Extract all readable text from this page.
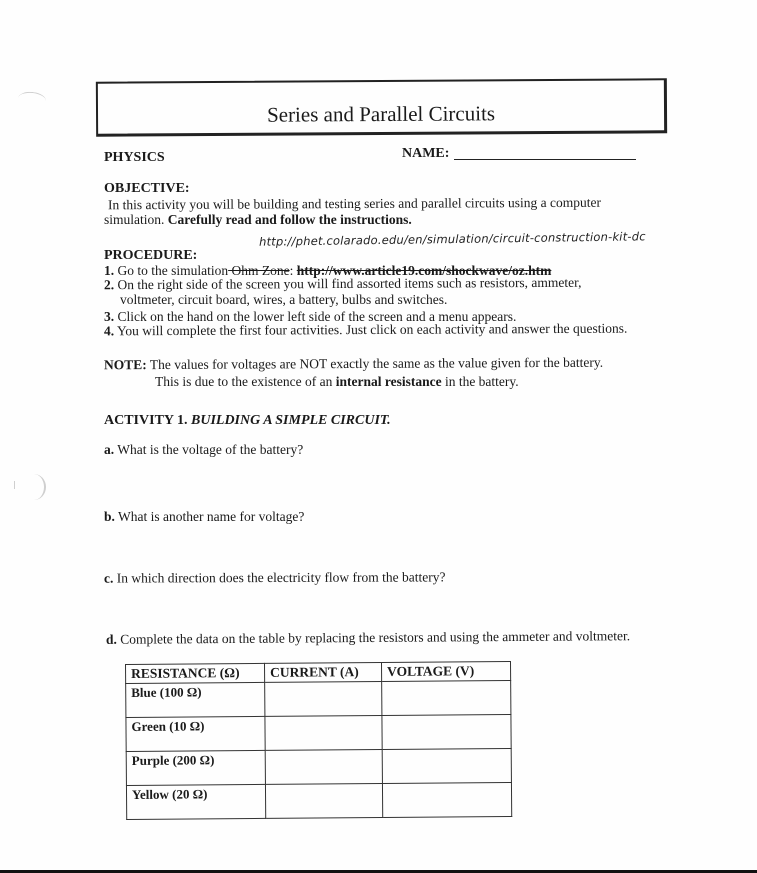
Series and Parallel Circuits
PHYSICS	NAME:
OBJECTIVE:
In this activity you will be building and testing series and parallel circuits using a computer
simulation. Carefully read and follow the instructions.
PROCEDURE:
http://phet.colarado.edu/en/simulation/circuit-construction-kit-dc
1. Go to the simulation Ohm Zone: http://www.article19.com/shockwave/oz.htm
2. On the right side of the screen you will find assorted items such as resistors, ammeter,
voltmeter, circuit board, wires, a battery, bulbs and switches.
3. Click on the hand on the lower left side of the screen and a menu appears.
4. You will complete the first four activities. Just click on each activity and answer the questions.
NOTE: The values for voltages are NOT exactly the same as the value given for the battery.
This is due to the existence of an internal resistance in the battery.
ACTIVITY 1. BUILDING A SIMPLE CIRCUIT.
a. What is the voltage of the battery?
b. What is another name for voltage?
c. In which direction does the electricity flow from the battery?
d. Complete the data on the table by replacing the resistors and using the ammeter and voltmeter.
RESISTANCE (Ω)	CURRENT (A)	VOLTAGE (V)
Blue (100 Ω)		
Green (10 Ω)		
Purple (200 Ω)		
Yellow (20 Ω)		
